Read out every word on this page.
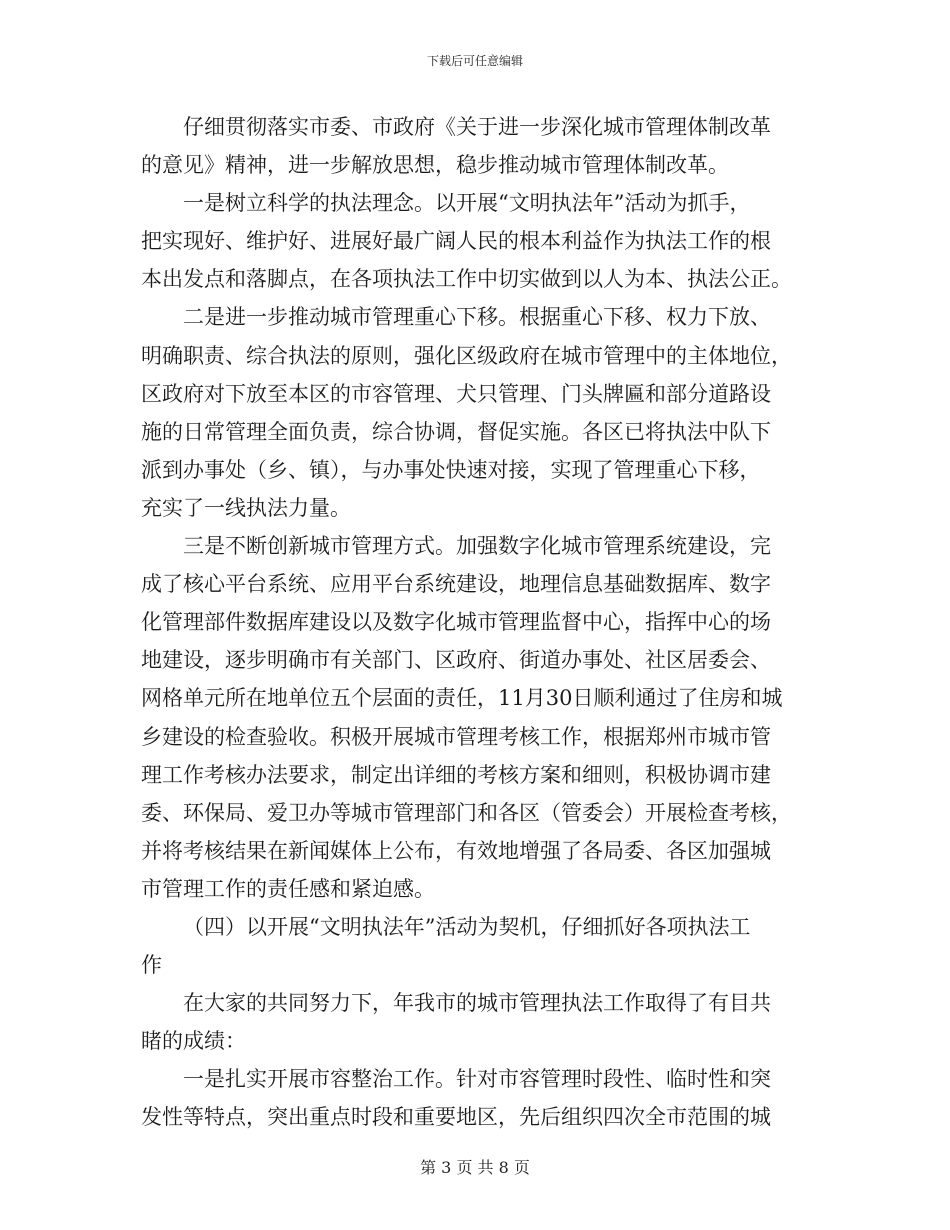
下载后可任意编辑
仔细贯彻落实市委、市政府《关于进一步深化城市管理体制改革
的意见》精神，进一步解放思想，稳步推动城市管理体制改革。
一是树立科学的执法理念。以开展“文明执法年”活动为抓手，
把实现好、维护好、进展好最广阔人民的根本利益作为执法工作的根
本出发点和落脚点，在各项执法工作中切实做到以人为本、执法公正。
二是进一步推动城市管理重心下移。根据重心下移、权力下放、
明确职责、综合执法的原则，强化区级政府在城市管理中的主体地位，
区政府对下放至本区的市容管理、犬只管理、门头牌匾和部分道路设
施的日常管理全面负责，综合协调，督促实施。各区已将执法中队下
派到办事处（乡、镇），与办事处快速对接，实现了管理重心下移，
充实了一线执法力量。
三是不断创新城市管理方式。加强数字化城市管理系统建设，完
成了核心平台系统、应用平台系统建设，地理信息基础数据库、数字
化管理部件数据库建设以及数字化城市管理监督中心，指挥中心的场
地建设，逐步明确市有关部门、区政府、街道办事处、社区居委会、
网格单元所在地单位五个层面的责任，11月30日顺利通过了住房和城
乡建设的检查验收。积极开展城市管理考核工作，根据郑州市城市管
理工作考核办法要求，制定出详细的考核方案和细则，积极协调市建
委、环保局、爱卫办等城市管理部门和各区（管委会）开展检查考核，
并将考核结果在新闻媒体上公布，有效地增强了各局委、各区加强城
市管理工作的责任感和紧迫感。
（四）以开展“文明执法年”活动为契机，仔细抓好各项执法工
作
在大家的共同努力下，年我市的城市管理执法工作取得了有目共
睹的成绩：
一是扎实开展市容整治工作。针对市容管理时段性、临时性和突
发性等特点，突出重点时段和重要地区，先后组织四次全市范围的城
第 3 页 共 8 页
